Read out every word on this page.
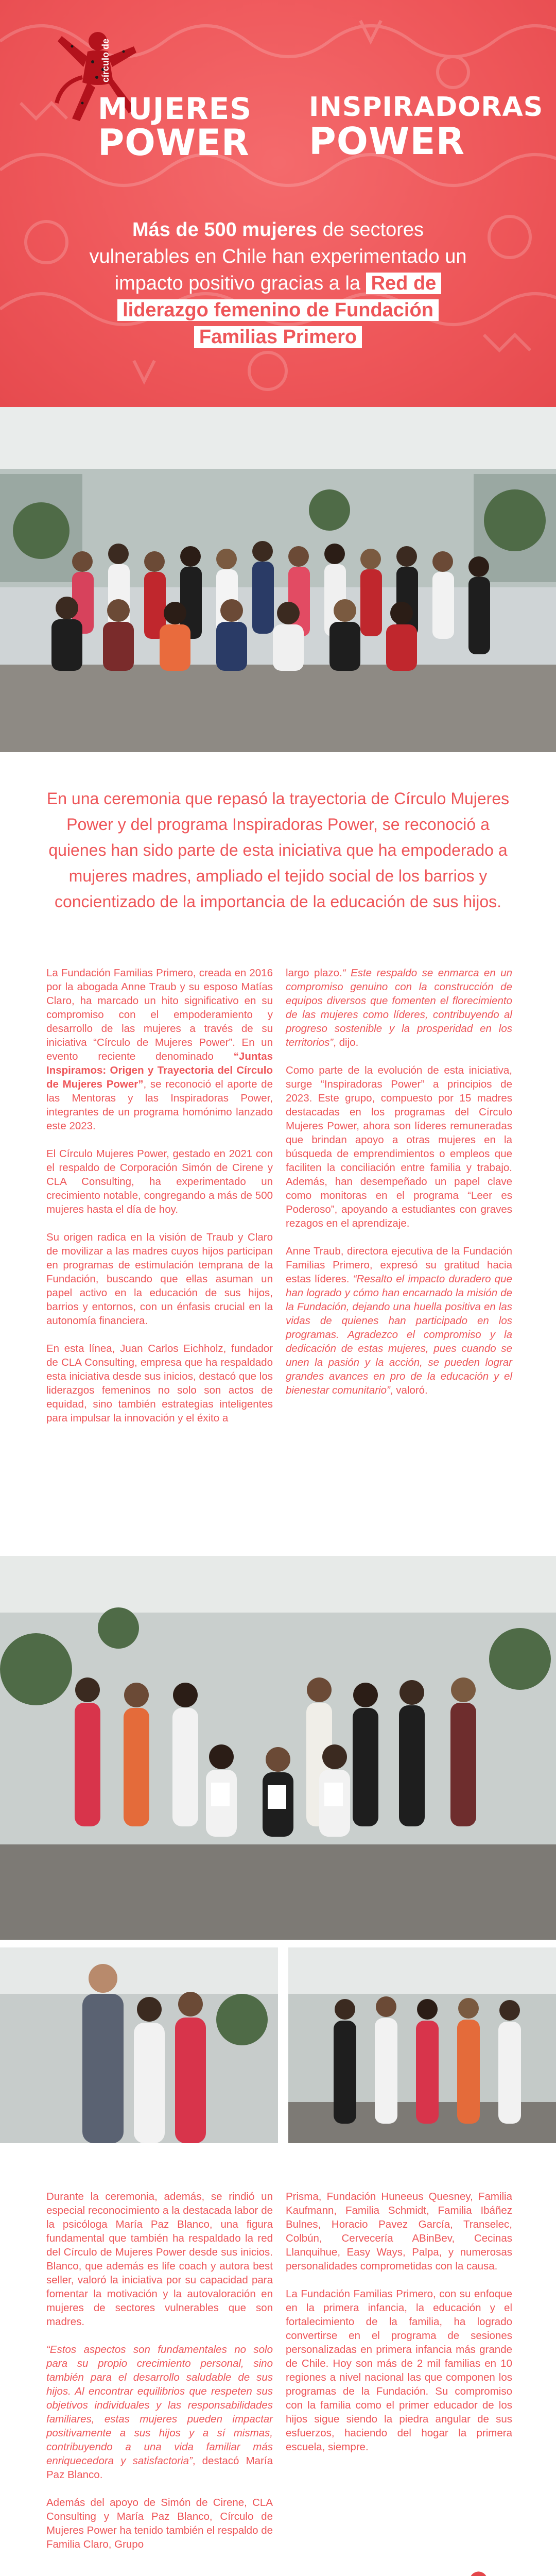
círculo de
MUJERES
POWER
INSPIRADORAS
POWER
Más de 500 mujeres de sectores vulnerables en Chile han experimentado un impacto positivo gracias a la Red de liderazgo femenino de Fundación Familias Primero
En una ceremonia que repasó la trayectoria de Círculo Mujeres Power y del programa Inspiradoras Power, se reconoció a quienes han sido parte de esta iniciativa que ha empoderado a mujeres madres, ampliado el tejido social de los barrios y concientizado de la importancia de la educación de sus hijos.

La Fundación Familias Primero, creada en 2016 por la abogada Anne Traub y su esposo Matías Claro, ha marcado un hito significativo en su compromiso con el empoderamiento y desarrollo de las mujeres a través de su iniciativa “Círculo de Mujeres Power”. En un evento reciente denominado “Juntas Inspiramos: Origen y Trayectoria del Círculo de Mujeres Power”, se reconoció el aporte de las Mentoras y las Inspiradoras Power, integrantes de un programa homónimo lanzado este 2023.

El Círculo Mujeres Power, gestado en 2021 con el respaldo de Corporación Simón de Cirene y CLA Consulting, ha experimentado un crecimiento notable, congregando a más de 500 mujeres hasta el día de hoy.

Su origen radica en la visión de Traub y Claro de movilizar a las madres cuyos hijos participan en programas de estimulación temprana de la Fundación, buscando que ellas asuman un papel activo en la educación de sus hijos, barrios y entornos, con un énfasis crucial en la autonomía financiera.

En esta línea, Juan Carlos Eichholz, fundador de CLA Consulting, empresa que ha respaldado esta iniciativa desde sus inicios, destacó que los liderazgos femeninos no solo son actos de equidad, sino también estrategias inteligentes para impulsar la innovación y el éxito a

largo plazo.“ Este respaldo se enmarca en un compromiso genuino con la construcción de equipos diversos que fomenten el florecimiento de las mujeres como líderes, contribuyendo al progreso sostenible y la prosperidad en los territorios”, dijo.

Como parte de la evolución de esta iniciativa, surge “Inspiradoras Power” a principios de 2023. Este grupo, compuesto por 15 madres destacadas en los programas del Círculo Mujeres Power, ahora son líderes remuneradas que brindan apoyo a otras mujeres en la búsqueda de emprendimientos o empleos que faciliten la conciliación entre familia y trabajo. Además, han desempeñado un papel clave como monitoras en el programa “Leer es Poderoso”, apoyando a estudiantes con graves rezagos en el aprendizaje.

Anne Traub, directora ejecutiva de la Fundación Familias Primero, expresó su gratitud hacia estas líderes. “Resalto el impacto duradero que han logrado y cómo han encarnado la misión de la Fundación, dejando una huella positiva en las vidas de quienes han participado en los programas. Agradezco el compromiso y la dedicación de estas mujeres, pues cuando se unen la pasión y la acción, se pueden lograr grandes avances en pro de la educación y el bienestar comunitario”, valoró.

Durante la ceremonia, además, se rindió un especial reconocimiento a la destacada labor de la psicóloga María Paz Blanco, una figura fundamental que también ha respaldado la red del Círculo de Mujeres Power desde sus inicios. Blanco, que además es life coach y autora best seller, valoró la iniciativa por su capacidad para fomentar la motivación y la autovaloración en mujeres de sectores vulnerables que son madres.

“Estos aspectos son fundamentales no solo para su propio crecimiento personal, sino también para el desarrollo saludable de sus hijos. Al encontrar equilibrios que respeten sus objetivos individuales y las responsabilidades familiares, estas mujeres pueden impactar positivamente a sus hijos y a sí mismas, contribuyendo a una vida familiar más enriquecedora y satisfactoria”, destacó María Paz Blanco.

Además del apoyo de Simón de Cirene, CLA Consulting y María Paz Blanco, Círculo de Mujeres Power ha tenido también el respaldo de Familia Claro, Grupo

Prisma, Fundación Huneeus Quesney, Familia Kaufmann, Familia Schmidt, Familia Ibáñez Bulnes, Horacio Pavez García, Transelec, Colbún, Cervecería ABinBev, Cecinas Llanquihue, Easy Ways, Palpa, y numerosas personalidades comprometidas con la causa.

La Fundación Familias Primero, con su enfoque en la primera infancia, la educación y el fortalecimiento de la familia, ha logrado convertirse en el programa de sesiones personalizadas en primera infancia más grande de Chile. Hoy son más de 2 mil familias en 10 regiones a nivel nacional las que componen los programas de la Fundación. Su compromiso con la familia como el primer educador de los hijos sigue siendo la piedra angular de sus esfuerzos, haciendo del hogar la primera escuela, siempre.
